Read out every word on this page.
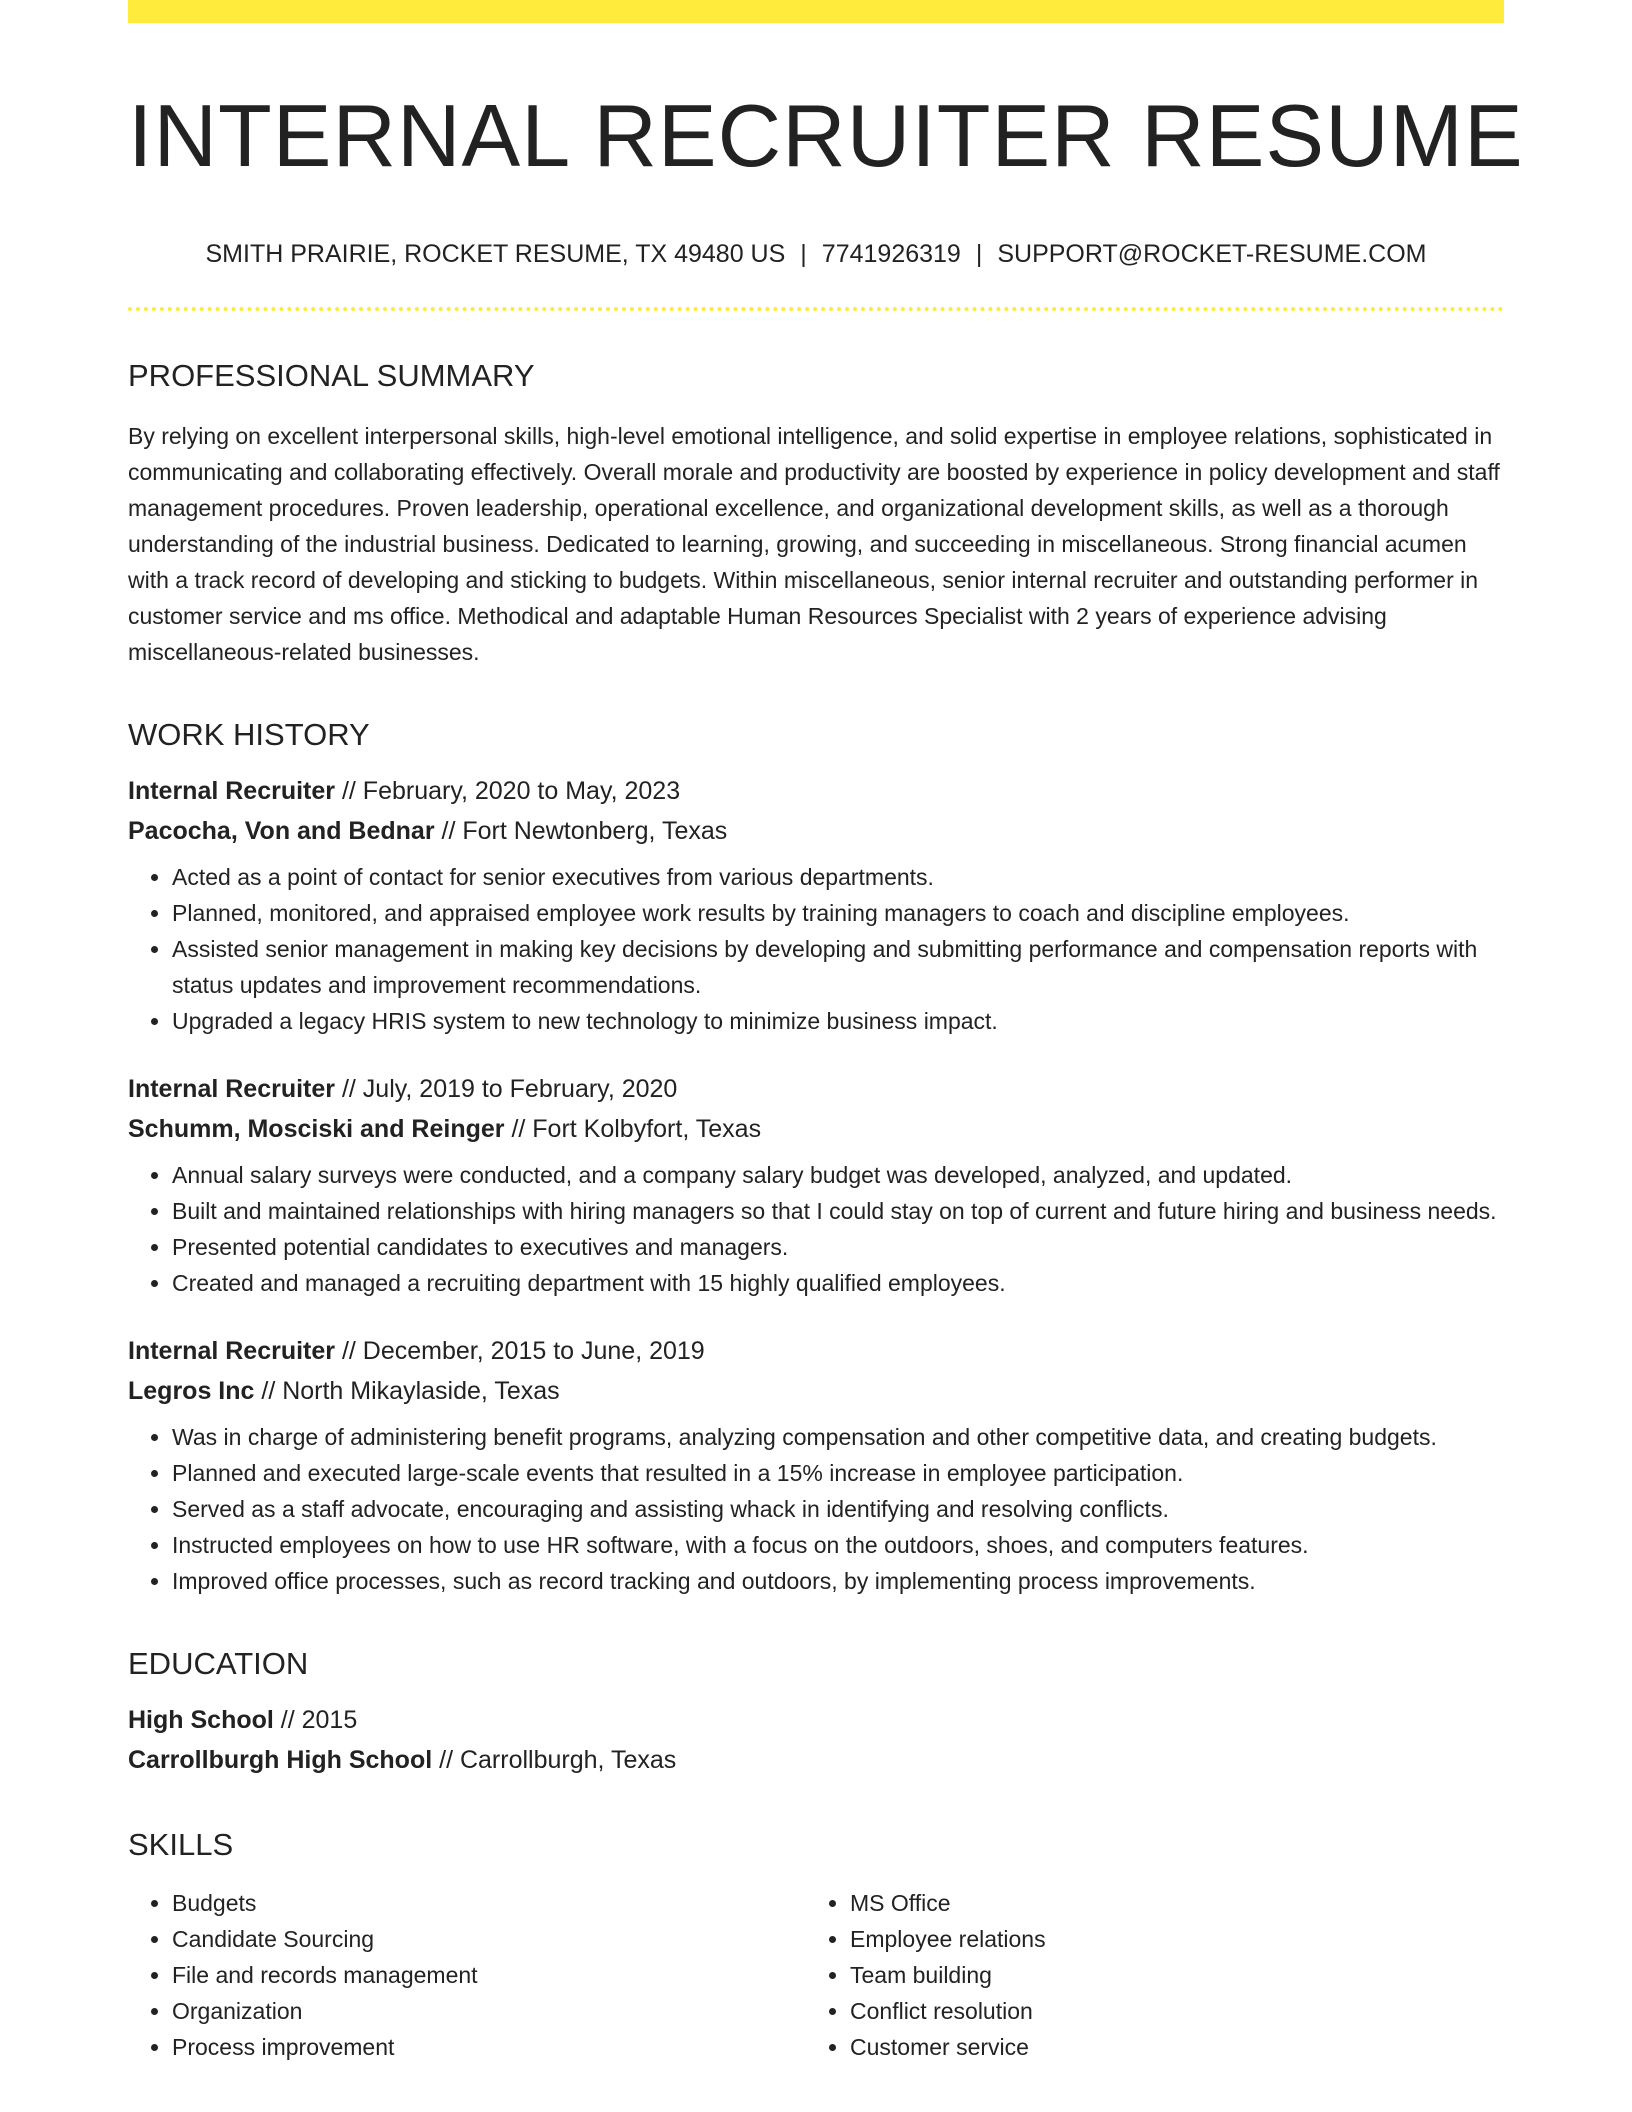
INTERNAL RECRUITER RESUME
SMITH PRAIRIE, ROCKET RESUME, TX 49480 US | 7741926319 | SUPPORT@ROCKET-RESUME.COM
PROFESSIONAL SUMMARY

By relying on excellent interpersonal skills, high-level emotional intelligence, and solid expertise in employee relations, sophisticated in communicating and collaborating effectively. Overall morale and productivity are boosted by experience in policy development and staff management procedures. Proven leadership, operational excellence, and organizational development skills, as well as a thorough understanding of the industrial business. Dedicated to learning, growing, and succeeding in miscellaneous. Strong financial acumen with a track record of developing and sticking to budgets. Within miscellaneous, senior internal recruiter and outstanding performer in customer service and ms office. Methodical and adaptable Human Resources Specialist with 2 years of experience advising miscellaneous-related businesses.

WORK HISTORY
Internal Recruiter // February, 2020 to May, 2023
Pacocha, Von and Bednar // Fort Newtonberg, Texas
• Acted as a point of contact for senior executives from various departments.
• Planned, monitored, and appraised employee work results by training managers to coach and discipline employees.
• Assisted senior management in making key decisions by developing and submitting performance and compensation reports with status updates and improvement recommendations.
• Upgraded a legacy HRIS system to new technology to minimize business impact.
Internal Recruiter // July, 2019 to February, 2020
Schumm, Mosciski and Reinger // Fort Kolbyfort, Texas
• Annual salary surveys were conducted, and a company salary budget was developed, analyzed, and updated.
• Built and maintained relationships with hiring managers so that I could stay on top of current and future hiring and business needs.
• Presented potential candidates to executives and managers.
• Created and managed a recruiting department with 15 highly qualified employees.
Internal Recruiter // December, 2015 to June, 2019
Legros Inc // North Mikaylaside, Texas
• Was in charge of administering benefit programs, analyzing compensation and other competitive data, and creating budgets.
• Planned and executed large-scale events that resulted in a 15% increase in employee participation.
• Served as a staff advocate, encouraging and assisting whack in identifying and resolving conflicts.
• Instructed employees on how to use HR software, with a focus on the outdoors, shoes, and computers features.
• Improved office processes, such as record tracking and outdoors, by implementing process improvements.
EDUCATION
High School // 2015
Carrollburgh High School // Carrollburgh, Texas
SKILLS
• Budgets
• Candidate Sourcing
• File and records management
• Organization
• Process improvement
• MS Office
• Employee relations
• Team building
• Conflict resolution
• Customer service
